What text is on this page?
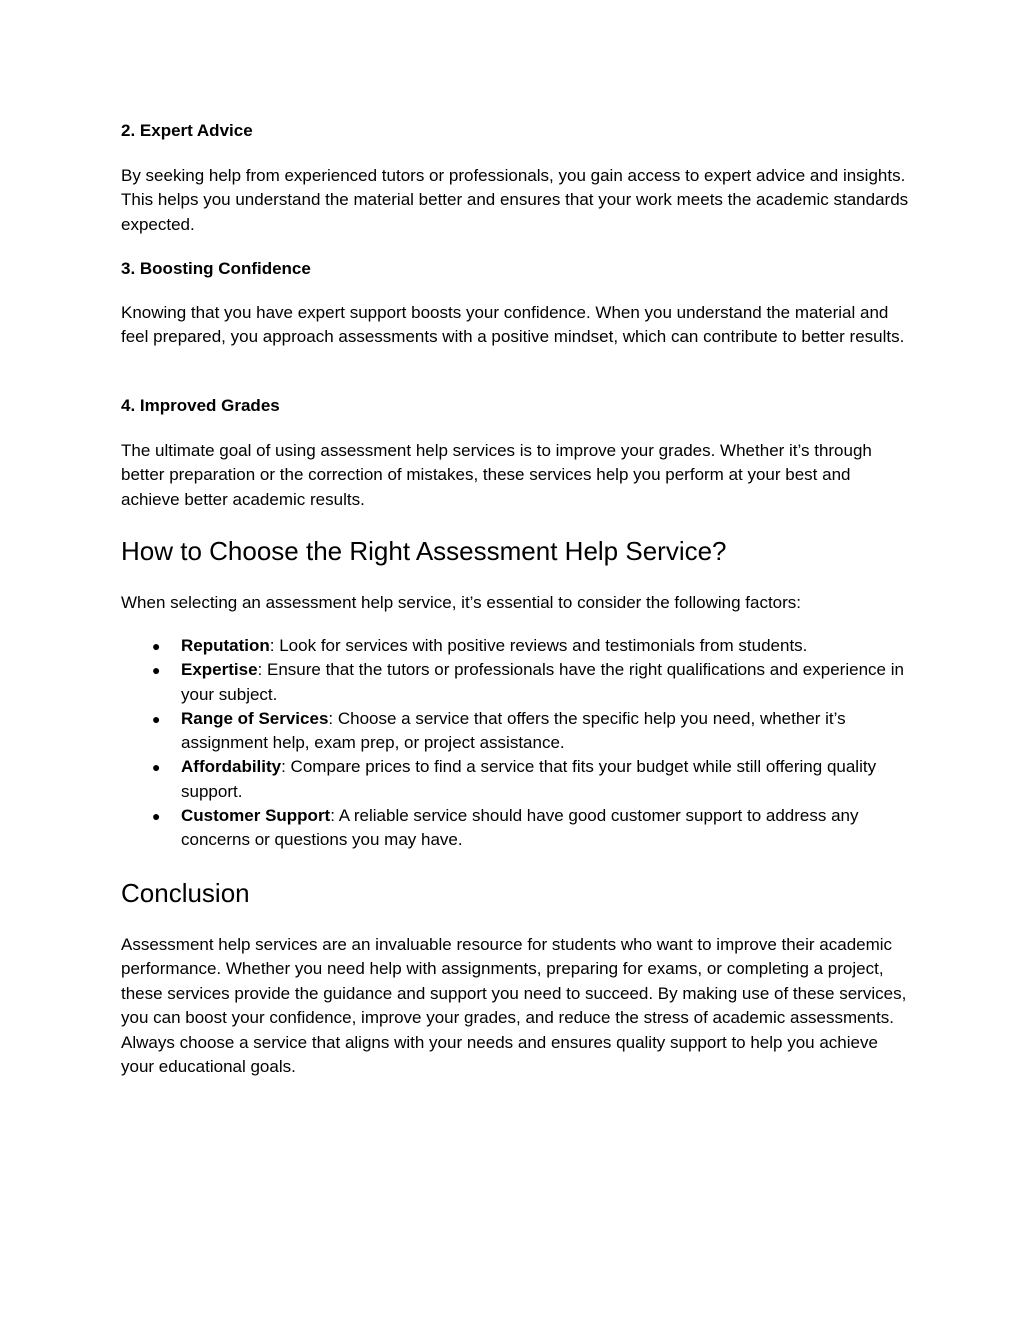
2. Expert Advice

By seeking help from experienced tutors or professionals, you gain access to expert advice and insights. This helps you understand the material better and ensures that your work meets the academic standards expected.

3. Boosting Confidence

Knowing that you have expert support boosts your confidence. When you understand the material and feel prepared, you approach assessments with a positive mindset, which can contribute to better results.

4. Improved Grades

The ultimate goal of using assessment help services is to improve your grades. Whether it’s through better preparation or the correction of mistakes, these services help you perform at your best and achieve better academic results.

How to Choose the Right Assessment Help Service?

When selecting an assessment help service, it’s essential to consider the following factors:

● Reputation: Look for services with positive reviews and testimonials from students.
● Expertise: Ensure that the tutors or professionals have the right qualifications and experience in your subject.
● Range of Services: Choose a service that offers the specific help you need, whether it’s assignment help, exam prep, or project assistance.
● Affordability: Compare prices to find a service that fits your budget while still offering quality support.
● Customer Support: A reliable service should have good customer support to address any concerns or questions you may have.
Conclusion

Assessment help services are an invaluable resource for students who want to improve their academic performance. Whether you need help with assignments, preparing for exams, or completing a project, these services provide the guidance and support you need to succeed. By making use of these services, you can boost your confidence, improve your grades, and reduce the stress of academic assessments. Always choose a service that aligns with your needs and ensures quality support to help you achieve your educational goals.
